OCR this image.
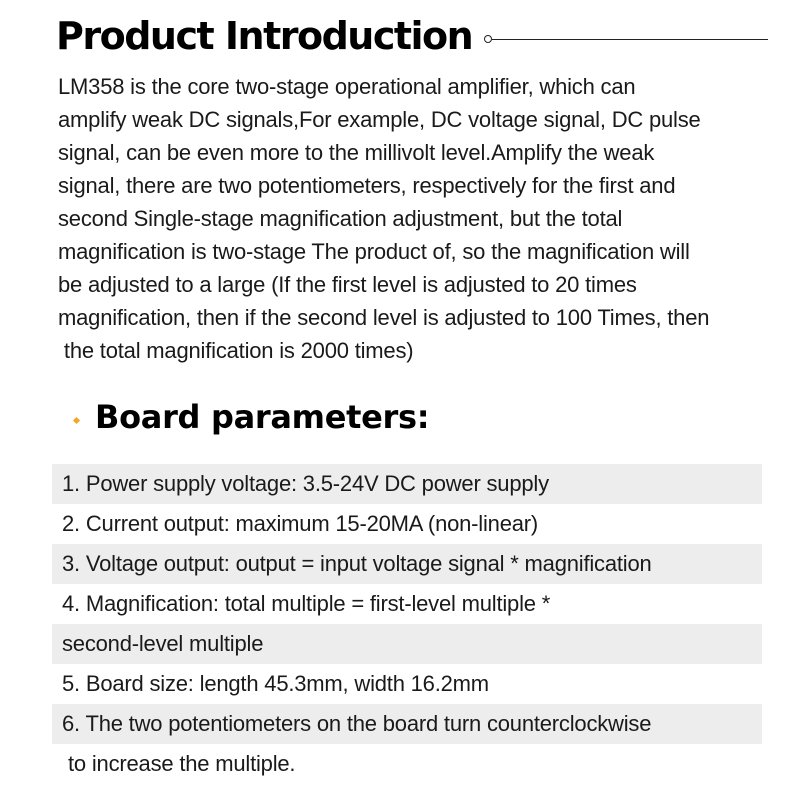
Product Introduction
LM358 is the core two-stage operational amplifier, which can
amplify weak DC signals,For example, DC voltage signal, DC pulse
signal, can be even more to the millivolt level.Amplify the weak
signal, there are two potentiometers, respectively for the first and
second Single-stage magnification adjustment, but the total
magnification is two-stage The product of, so the magnification will
be adjusted to a large (If the first level is adjusted to 20 times
magnification, then if the second level is adjusted to 100 Times, then
the total magnification is 2000 times)
Board parameters:
1. Power supply voltage: 3.5-24V DC power supply
2. Current output: maximum 15-20MA (non-linear)
3. Voltage output: output = input voltage signal * magnification
4. Magnification: total multiple = first-level multiple *
second-level multiple
5. Board size: length 45.3mm, width 16.2mm
6. The two potentiometers on the board turn counterclockwise
to increase the multiple.
